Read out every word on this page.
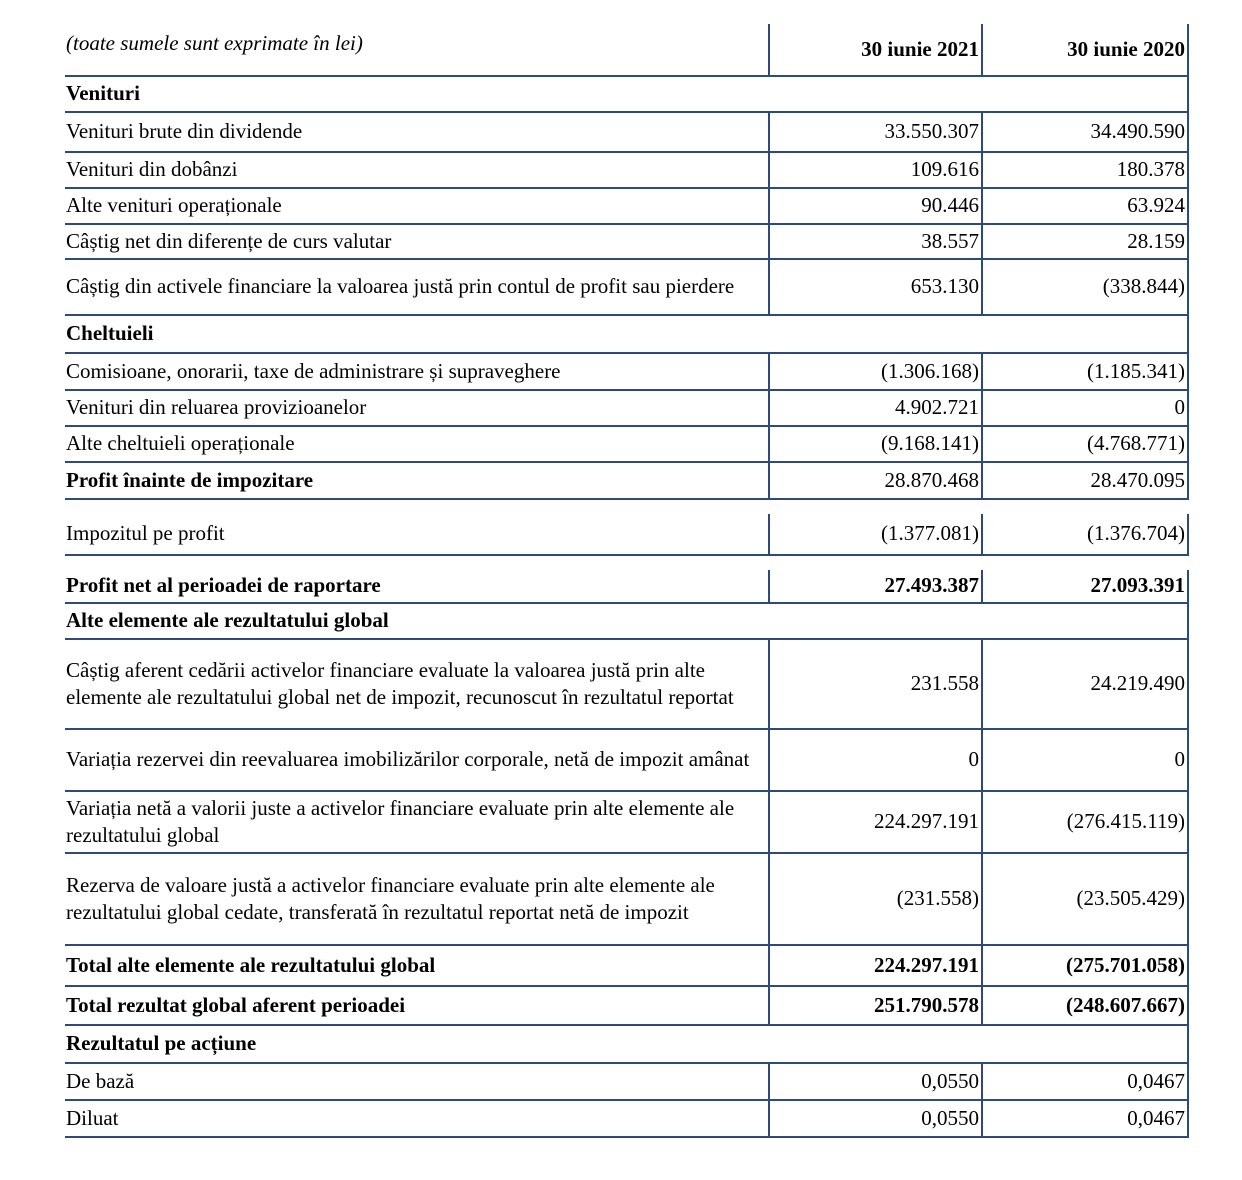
(toate sumele sunt exprimate în lei)	30 iunie 2021	30 iunie 2020
Venituri
Venituri brute din dividende	33.550.307	34.490.590
Venituri din dobânzi	109.616	180.378
Alte venituri operaționale	90.446	63.924
Câștig net din diferențe de curs valutar	38.557	28.159
Câștig din activele financiare la valoarea justă prin contul de profit sau pierdere	653.130	(338.844)
Cheltuieli
Comisioane, onorarii, taxe de administrare și supraveghere	(1.306.168)	(1.185.341)
Venituri din reluarea provizioanelor	4.902.721	0
Alte cheltuieli operaționale	(9.168.141)	(4.768.771)
Profit înainte de impozitare	28.870.468	28.470.095
Impozitul pe profit	(1.377.081)	(1.376.704)
Profit net al perioadei de raportare	27.493.387	27.093.391
Alte elemente ale rezultatului global
Câștig aferent cedării activelor financiare evaluate la valoarea justă prin alte elemente ale rezultatului global net de impozit, recunoscut în rezultatul reportat
231.558	24.219.490
Variația rezervei din reevaluarea imobilizărilor corporale, netă de impozit amânat	0	0
Variația netă a valorii juste a activelor financiare evaluate prin alte elemente ale rezultatului global
224.297.191	(276.415.119)
Rezerva de valoare justă a activelor financiare evaluate prin alte elemente ale rezultatului global cedate, transferată în rezultatul reportat netă de impozit
(231.558)	(23.505.429)
Total alte elemente ale rezultatului global	224.297.191	(275.701.058)
Total rezultat global aferent perioadei	251.790.578	(248.607.667)
Rezultatul pe acțiune
De bază	0,0550	0,0467
Diluat	0,0550	0,0467
